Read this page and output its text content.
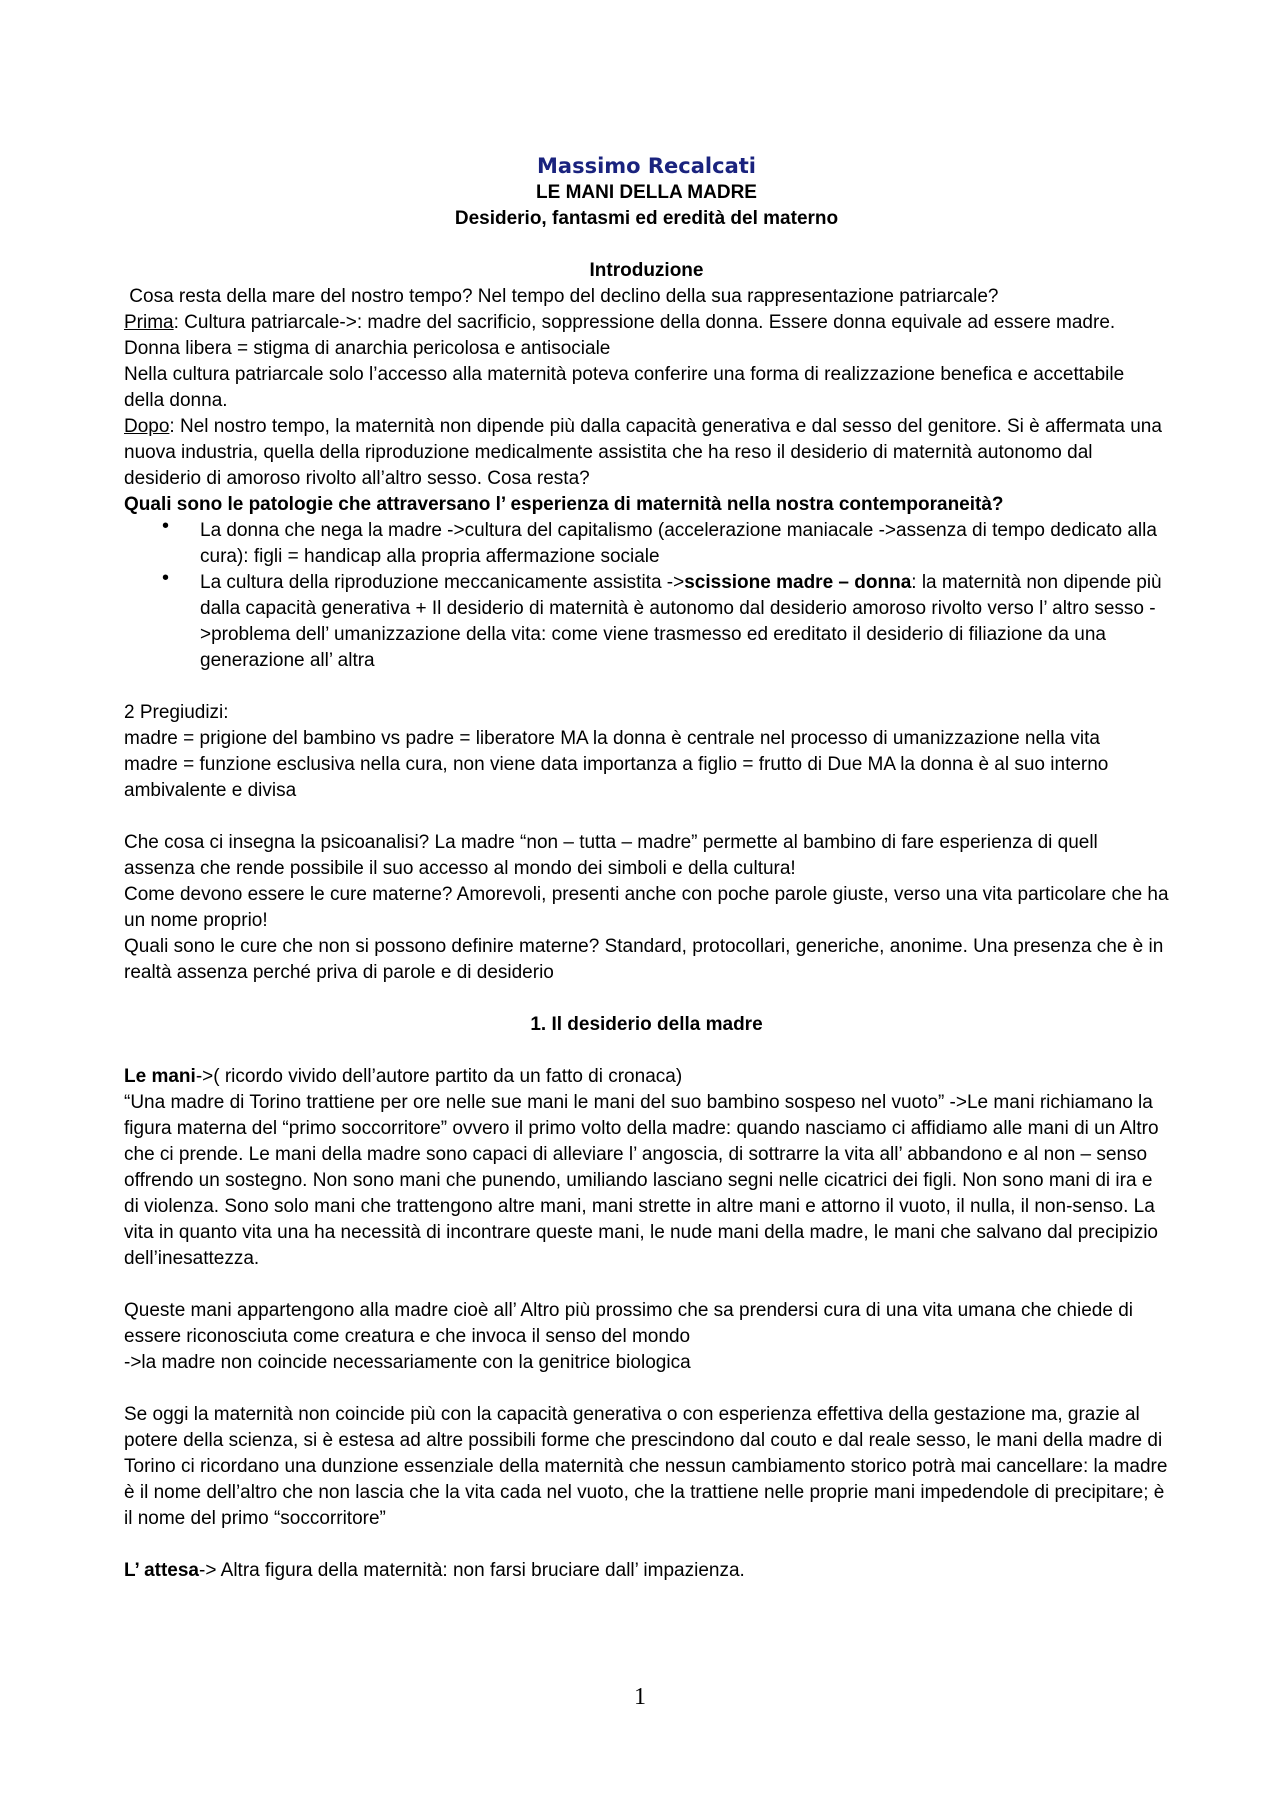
Massimo Recalcati

LE MANI DELLA MADRE

Desiderio, fantasmi ed eredità del materno

Introduzione

Cosa resta della mare del nostro tempo? Nel tempo del declino della sua rappresentazione patriarcale?

Prima: Cultura patriarcale->: madre del sacrificio, soppressione della donna. Essere donna equivale ad essere madre.

Donna libera = stigma di anarchia pericolosa e antisociale

Nella cultura patriarcale solo l’accesso alla maternità poteva conferire una forma di realizzazione benefica e accettabile della donna.

Dopo: Nel nostro tempo, la maternità non dipende più dalla capacità generativa e dal sesso del genitore. Si è affermata una nuova industria, quella della riproduzione medicalmente assistita che ha reso il desiderio di maternità autonomo dal desiderio di amoroso rivolto all’altro sesso. Cosa resta?

Quali sono le patologie che attraversano l’ esperienza di maternità nella nostra contemporaneità?

• La donna che nega la madre ->cultura del capitalismo (accelerazione maniacale ->assenza di tempo dedicato alla cura): figli = handicap alla propria affermazione sociale
• La cultura della riproduzione meccanicamente assistita ->scissione madre – donna: la maternità non dipende più dalla capacità generativa + Il desiderio di maternità è autonomo dal desiderio amoroso rivolto verso l’ altro sesso ->problema dell’ umanizzazione della vita: come viene trasmesso ed ereditato il desiderio di filiazione da una generazione all’ altra

2 Pregiudizi:

madre = prigione del bambino vs padre = liberatore MA la donna è centrale nel processo di umanizzazione nella vita

madre = funzione esclusiva nella cura, non viene data importanza a figlio = frutto di Due MA la donna è al suo interno ambivalente e divisa

Che cosa ci insegna la psicoanalisi? La madre “non – tutta – madre” permette al bambino di fare esperienza di quell assenza che rende possibile il suo accesso al mondo dei simboli e della cultura!

Come devono essere le cure materne? Amorevoli, presenti anche con poche parole giuste, verso una vita particolare che ha un nome proprio!

Quali sono le cure che non si possono definire materne? Standard, protocollari, generiche, anonime. Una presenza che è in realtà assenza perché priva di parole e di desiderio

1. Il desiderio della madre

Le mani->( ricordo vivido dell’autore partito da un fatto di cronaca)

“Una madre di Torino trattiene per ore nelle sue mani le mani del suo bambino sospeso nel vuoto” ->Le mani richiamano la figura materna del “primo soccorritore” ovvero il primo volto della madre: quando nasciamo ci affidiamo alle mani di un Altro che ci prende. Le mani della madre sono capaci di alleviare l’ angoscia, di sottrarre la vita all’ abbandono e al non – senso offrendo un sostegno. Non sono mani che punendo, umiliando lasciano segni nelle cicatrici dei figli. Non sono mani di ira e di violenza. Sono solo mani che trattengono altre mani, mani strette in altre mani e attorno il vuoto, il nulla, il non-senso. La vita in quanto vita una ha necessità di incontrare queste mani, le nude mani della madre, le mani che salvano dal precipizio dell’inesattezza.

Queste mani appartengono alla madre cioè all’ Altro più prossimo che sa prendersi cura di una vita umana che chiede di essere riconosciuta come creatura e che invoca il senso del mondo

->la madre non coincide necessariamente con la genitrice biologica

Se oggi la maternità non coincide più con la capacità generativa o con esperienza effettiva della gestazione ma, grazie al potere della scienza, si è estesa ad altre possibili forme che prescindono dal couto e dal reale sesso, le mani della madre di Torino ci ricordano una dunzione essenziale della maternità che nessun cambiamento storico potrà mai cancellare: la madre è il nome dell’altro che non lascia che la vita cada nel vuoto, che la trattiene nelle proprie mani impedendole di precipitare; è il nome del primo “soccorritore”

L’ attesa-> Altra figura della maternità: non farsi bruciare dall’ impazienza.

1
